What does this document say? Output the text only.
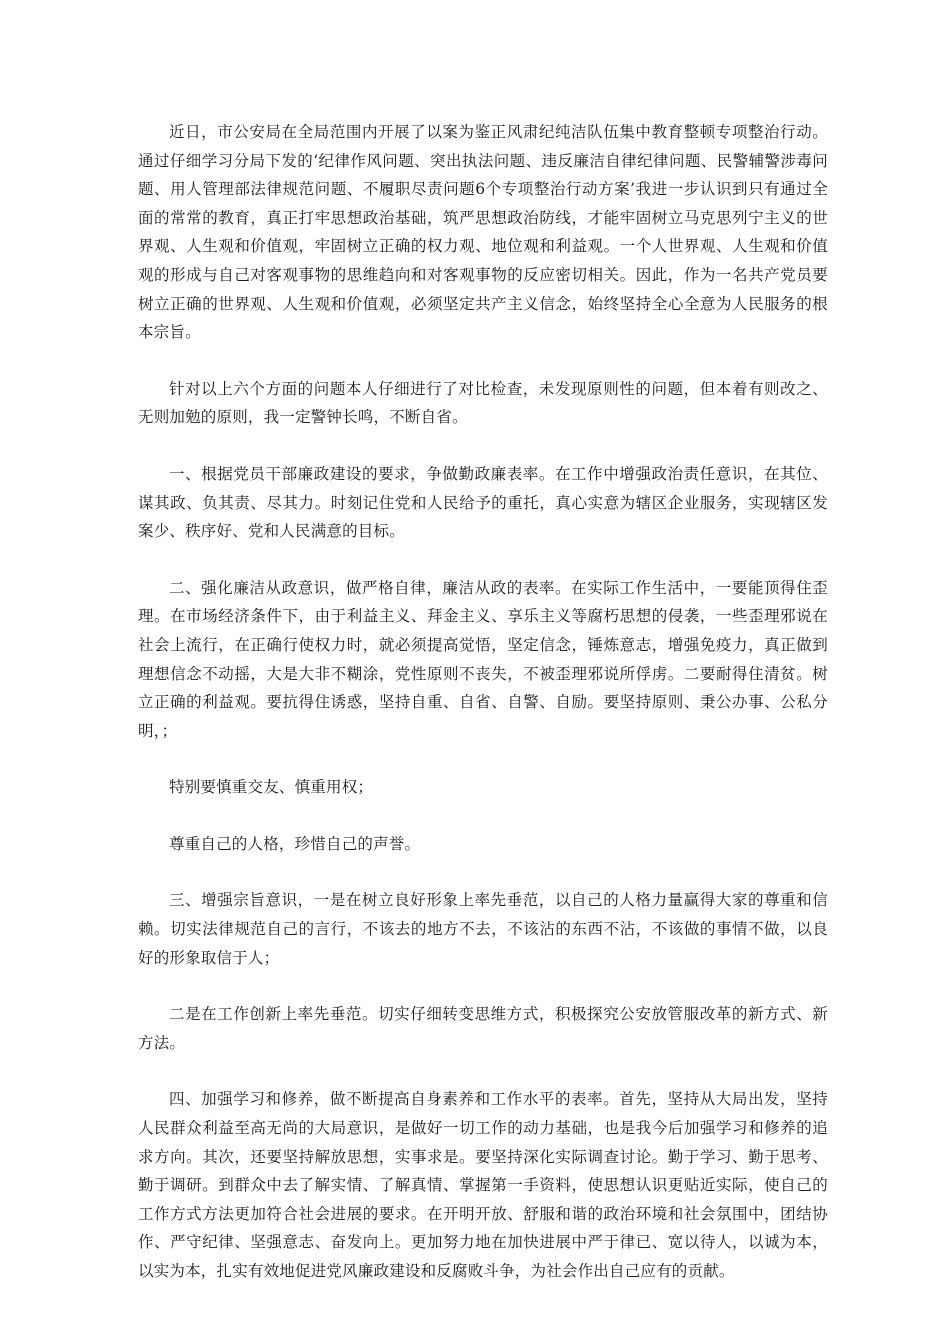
近日，市公安局在全局范围内开展了以案为鉴正风肃纪纯洁队伍集中教育整顿专项整治行动。通过仔细学习分局下发的‘纪律作风问题、突出执法问题、违反廉洁自律纪律问题、民警辅警涉毒问题、用人管理部法律规范问题、不履职尽责问题6个专项整治行动方案’我进一步认识到只有通过全面的常常的教育，真正打牢思想政治基础，筑严思想政治防线，才能牢固树立马克思列宁主义的世界观、人生观和价值观，牢固树立正确的权力观、地位观和利益观。一个人世界观、人生观和价值观的形成与自己对客观事物的思维趋向和对客观事物的反应密切相关。因此，作为一名共产党员要树立正确的世界观、人生观和价值观，必须坚定共产主义信念，始终坚持全心全意为人民服务的根本宗旨。

针对以上六个方面的问题本人仔细进行了对比检查，未发现原则性的问题，但本着有则改之、无则加勉的原则，我一定警钟长鸣，不断自省。

一、根据党员干部廉政建设的要求，争做勤政廉表率。在工作中增强政治责任意识，在其位、谋其政、负其责、尽其力。时刻记住党和人民给予的重托，真心实意为辖区企业服务，实现辖区发案少、秩序好、党和人民满意的目标。

二、强化廉洁从政意识，做严格自律，廉洁从政的表率。在实际工作生活中，一要能顶得住歪理。在市场经济条件下，由于利益主义、拜金主义、享乐主义等腐朽思想的侵袭，一些歪理邪说在社会上流行，在正确行使权力时，就必须提高觉悟，坚定信念，锤炼意志，增强免疫力，真正做到理想信念不动摇，大是大非不糊涂，党性原则不丧失，不被歪理邪说所俘虏。二要耐得住清贫。树立正确的利益观。要抗得住诱惑，坚持自重、自省、自警、自励。要坚持原则、秉公办事、公私分明，；

特别要慎重交友、慎重用权；

尊重自己的人格，珍惜自己的声誉。

三、增强宗旨意识，一是在树立良好形象上率先垂范，以自己的人格力量赢得大家的尊重和信赖。切实法律规范自己的言行，不该去的地方不去，不该沾的东西不沾，不该做的事情不做，以良好的形象取信于人；

二是在工作创新上率先垂范。切实仔细转变思维方式，积极探究公安放管服改革的新方式、新方法。

四、加强学习和修养，做不断提高自身素养和工作水平的表率。首先，坚持从大局出发，坚持人民群众利益至高无尚的大局意识，是做好一切工作的动力基础，也是我今后加强学习和修养的追求方向。其次，还要坚持解放思想，实事求是。要坚持深化实际调查讨论。勤于学习、勤于思考、勤于调研。到群众中去了解实情、了解真情、掌握第一手资料，使思想认识更贴近实际，使自己的工作方式方法更加符合社会进展的要求。在开明开放、舒服和谐的政治环境和社会氛围中，团结协作、严守纪律、坚强意志、奋发向上。更加努力地在加快进展中严于律已、宽以待人，以诚为本，以实为本，扎实有效地促进党风廉政建设和反腐败斗争，为社会作出自己应有的贡献。
